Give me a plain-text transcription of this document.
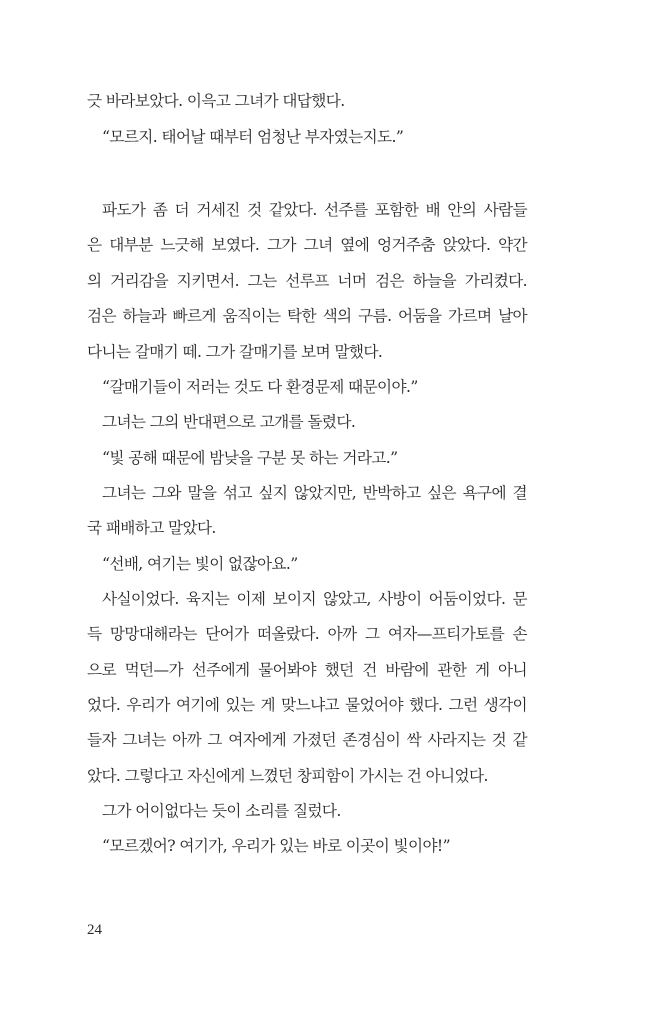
긋 바라보았다. 이윽고 그녀가 대답했다.
“모르지. 태어날 때부터 엄청난 부자였는지도.”
파도가 좀 더 거세진 것 같았다. 선주를 포함한 배 안의 사람들
은 대부분 느긋해 보였다. 그가 그녀 옆에 엉거주춤 앉았다. 약간
의 거리감을 지키면서. 그는 선루프 너머 검은 하늘을 가리켰다.
검은 하늘과 빠르게 움직이는 탁한 색의 구름. 어둠을 가르며 날아
다니는 갈매기 떼. 그가 갈매기를 보며 말했다.
“갈매기들이 저러는 것도 다 환경문제 때문이야.”
그녀는 그의 반대편으로 고개를 돌렸다.
“빛 공해 때문에 밤낮을 구분 못 하는 거라고.”
그녀는 그와 말을 섞고 싶지 않았지만, 반박하고 싶은 욕구에 결
국 패배하고 말았다.
“선배, 여기는 빛이 없잖아요.”
사실이었다. 육지는 이제 보이지 않았고, 사방이 어둠이었다. 문
득 망망대해라는 단어가 떠올랐다. 아까 그 여자—프티가토를 손
으로 먹던—가 선주에게 물어봐야 했던 건 바람에 관한 게 아니
었다. 우리가 여기에 있는 게 맞느냐고 물었어야 했다. 그런 생각이
들자 그녀는 아까 그 여자에게 가졌던 존경심이 싹 사라지는 것 같
았다. 그렇다고 자신에게 느꼈던 창피함이 가시는 건 아니었다.
그가 어이없다는 듯이 소리를 질렀다.
“모르겠어? 여기가, 우리가 있는 바로 이곳이 빛이야!”
24
